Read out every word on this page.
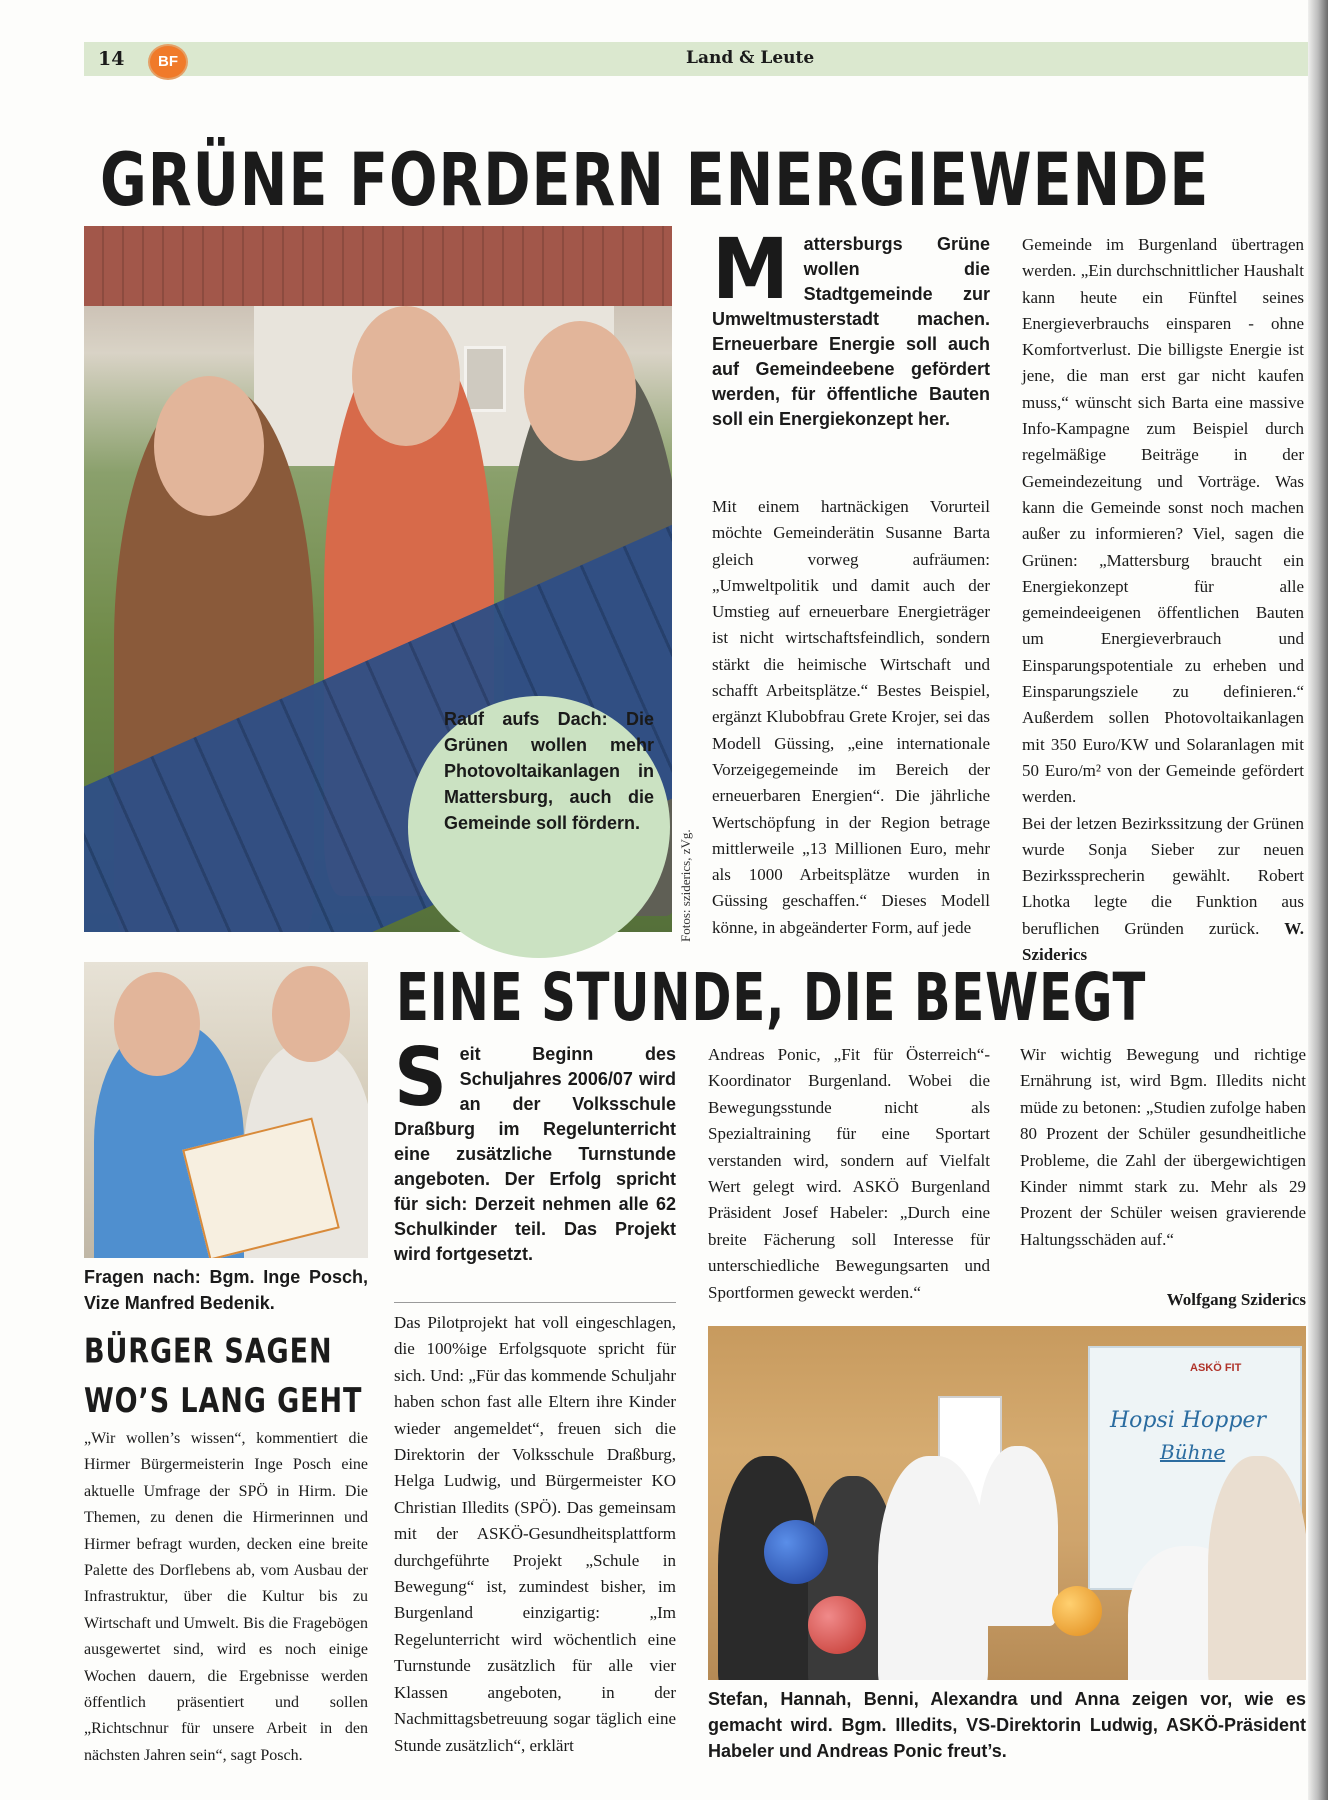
14	BF	Land & Leute
GRÜNE FORDERN ENERGIEWENDE
Rauf aufs Dach: Die Grünen wollen mehr Photovoltaikanlagen in Mattersburg, auch die Gemeinde soll fördern.
Fotos: sziderics, zVg.
Mattersburgs Grüne wollen die Stadtgemeinde zur Umweltmusterstadt machen. Erneuerbare Energie soll auch auf Gemeindeebene gefördert werden, für öffentliche Bauten soll ein Energiekonzept her.
Mit einem hartnäckigen Vorurteil möchte Gemeinderätin Susanne Barta gleich vorweg aufräumen: „Umweltpolitik und damit auch der Umstieg auf erneuerbare Energieträger ist nicht wirtschaftsfeindlich, sondern stärkt die heimische Wirtschaft und schafft Arbeitsplätze.“ Bestes Beispiel, ergänzt Klubobfrau Grete Krojer, sei das Modell Güssing, „eine internationale Vorzeigegemeinde im Bereich der erneuerbaren Energien“. Die jährliche Wertschöpfung in der Region betrage mittlerweile „13 Millionen Euro, mehr als 1000 Arbeitsplätze wurden in Güssing geschaffen.“ Dieses Modell könne, in abgeänderter Form, auf jede
Gemeinde im Burgenland übertragen werden. „Ein durchschnittlicher Haushalt kann heute ein Fünftel seines Energieverbrauchs einsparen - ohne Komfortverlust. Die billigste Energie ist jene, die man erst gar nicht kaufen muss,“ wünscht sich Barta eine massive Info-Kampagne zum Beispiel durch regelmäßige Beiträge in der Gemeindezeitung und Vorträge. Was kann die Gemeinde sonst noch machen außer zu informieren? Viel, sagen die Grünen: „Mattersburg braucht ein Energiekonzept für alle gemeindeeigenen öffentlichen Bauten um Energieverbrauch und Einsparungspotentiale zu erheben und Einsparungsziele zu definieren.“ Außerdem sollen Photovoltaikanlagen mit 350 Euro/KW und Solaranlagen mit 50 Euro/m² von der Gemeinde gefördert werden.
Bei der letzen Bezirkssitzung der Grünen wurde Sonja Sieber zur neuen Bezirkssprecherin gewählt. Robert Lhotka legte die Funktion aus beruflichen Gründen zurück. W. Sziderics
Fragen nach: Bgm. Inge Posch, Vize Manfred Bedenik.
BÜRGER SAGEN
WO’S LANG GEHT
„Wir wollen’s wissen“, kommentiert die Hirmer Bürgermeisterin Inge Posch eine aktuelle Umfrage der SPÖ in Hirm. Die Themen, zu denen die Hirmerinnen und Hirmer befragt wurden, decken eine breite Palette des Dorflebens ab, vom Ausbau der Infrastruktur, über die Kultur bis zu Wirtschaft und Umwelt. Bis die Fragebögen ausgewertet sind, wird es noch einige Wochen dauern, die Ergebnisse werden öffentlich präsentiert und sollen „Richtschnur für unsere Arbeit in den nächsten Jahren sein“, sagt Posch.
EINE STUNDE, DIE BEWEGT
Seit Beginn des Schuljahres 2006/07 wird an der Volksschule Draßburg im Regelunterricht eine zusätzliche Turnstunde angeboten. Der Erfolg spricht für sich: Derzeit nehmen alle 62 Schulkinder teil. Das Projekt wird fortgesetzt.
Das Pilotprojekt hat voll eingeschlagen, die 100%ige Erfolgsquote spricht für sich. Und: „Für das kommende Schuljahr haben schon fast alle Eltern ihre Kinder wieder angemeldet“, freuen sich die Direktorin der Volksschule Draßburg, Helga Ludwig, und Bürgermeister KO Christian Illedits (SPÖ). Das gemeinsam mit der ASKÖ-Gesundheitsplattform durchgeführte Projekt „Schule in Bewegung“ ist, zumindest bisher, im Burgenland einzigartig: „Im Regelunterricht wird wöchentlich eine Turnstunde zusätzlich für alle vier Klassen angeboten, in der Nachmittagsbetreuung sogar täglich eine Stunde zusätzlich“, erklärt
Andreas Ponic, „Fit für Österreich“-Koordinator Burgenland. Wobei die Bewegungsstunde nicht als Spezialtraining für eine Sportart verstanden wird, sondern auf Vielfalt Wert gelegt wird. ASKÖ Burgenland Präsident Josef Habeler: „Durch eine breite Fächerung soll Interesse für unterschiedliche Bewegungsarten und Sportformen geweckt werden.“
Wir wichtig Bewegung und richtige Ernährung ist, wird Bgm. Illedits nicht müde zu betonen: „Studien zufolge haben 80 Prozent der Schüler gesundheitliche Probleme, die Zahl der übergewichtigen Kinder nimmt stark zu. Mehr als 29 Prozent der Schüler weisen gravierende Haltungsschäden auf.“
Wolfgang Sziderics
ASKÖ FIT
Hopsi Hopper
Bühne
Stefan, Hannah, Benni, Alexandra und Anna zeigen vor, wie es gemacht wird. Bgm. Illedits, VS-Direktorin Ludwig, ASKÖ-Präsident Habeler und Andreas Ponic freut’s.
